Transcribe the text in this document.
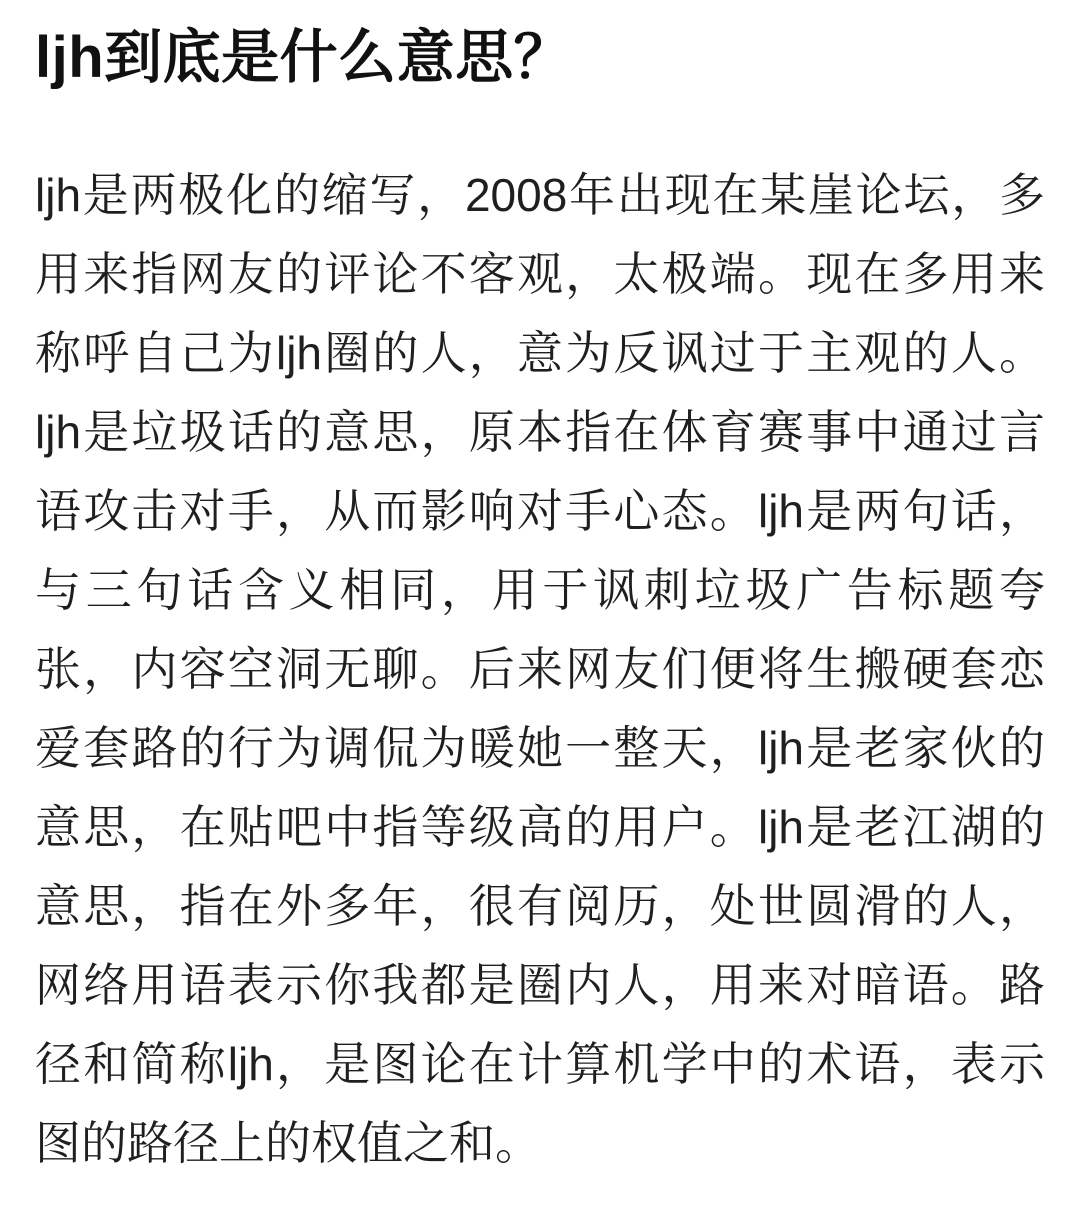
ljh到底是什么意思？

ljh是两极化的缩写，2008年出现在某崖论坛，多
用来指网友的评论不客观，太极端。现在多用来
称呼自己为ljh圈的人，意为反讽过于主观的人。
ljh是垃圾话的意思，原本指在体育赛事中通过言
语攻击对手，从而影响对手心态。ljh是两句话，
与三句话含义相同，用于讽刺垃圾广告标题夸
张，内容空洞无聊。后来网友们便将生搬硬套恋
爱套路的行为调侃为暖她一整天，ljh是老家伙的
意思，在贴吧中指等级高的用户。ljh是老江湖的
意思，指在外多年，很有阅历，处世圆滑的人，
网络用语表示你我都是圈内人，用来对暗语。路
径和简称ljh，是图论在计算机学中的术语，表示
图的路径上的权值之和。
